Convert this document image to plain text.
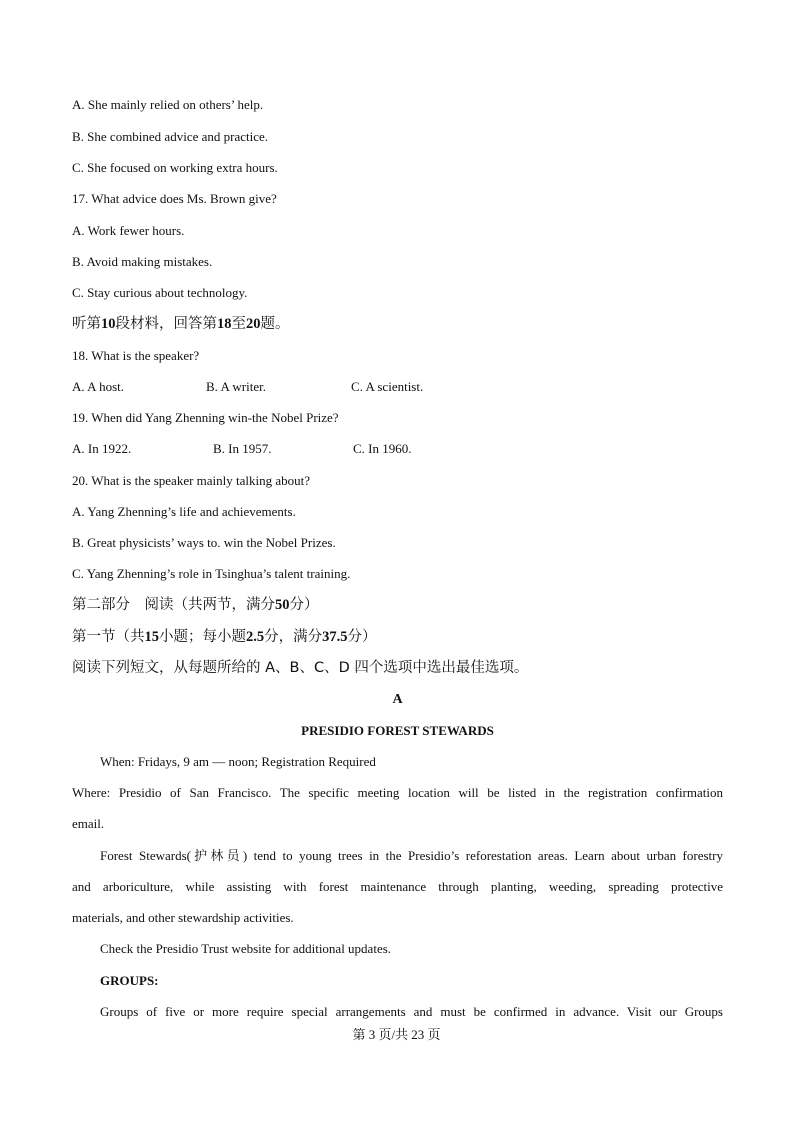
A. She mainly relied on others’ help.
B. She combined advice and practice.
C. She focused on working extra hours.
17. What advice does Ms. Brown give?
A. Work fewer hours.
B. Avoid making mistakes.
C. Stay curious about technology.
听第10段材料，回答第18至20题。
18. What is the speaker?
A. A host.	B. A writer.	C. A scientist.
19. When did Yang Zhenning win-the Nobel Prize?
A. In 1922.	B. In 1957.	C. In 1960.
20. What is the speaker mainly talking about?
A. Yang Zhenning’s life and achievements.
B. Great physicists’ ways to. win the Nobel Prizes.
C. Yang Zhenning’s role in Tsinghua’s talent training.
第二部分　阅读（共两节，满分50分）
第一节（共15小题；每小题2.5分，满分37.5分）
阅读下列短文，从每题所给的 A、B、C、D 四个选项中选出最佳选项。
A
PRESIDIO FOREST STEWARDS
When: Fridays, 9 am — noon; Registration Required
Where: Presidio of San Francisco. The specific meeting location will be listed in the registration confirmation
email.
Forest Stewards(护林员) tend to young trees in the Presidio’s reforestation areas. Learn about urban forestry
and arboriculture, while assisting with forest maintenance through planting, weeding, spreading protective
materials, and other stewardship activities.
Check the Presidio Trust website for additional updates.
GROUPS:
Groups of five or more require special arrangements and must be confirmed in advance. Visit our Groups
第 3 页/共 23 页
